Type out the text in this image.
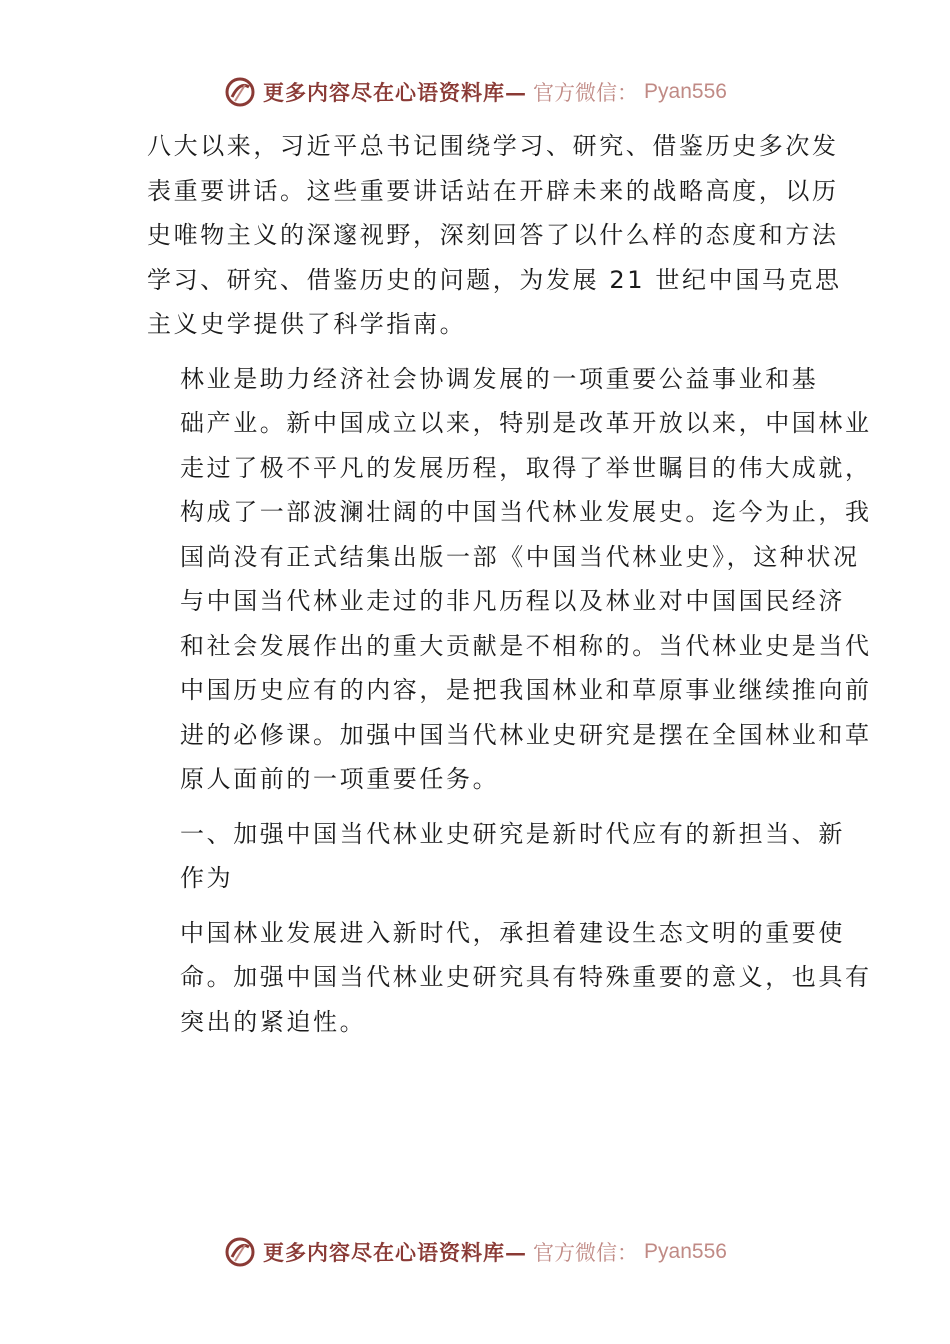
更多内容尽在心语资料库— 官方微信： Pyan556

八大以来，习近平总书记围绕学习、研究、借鉴历史多次发
表重要讲话。这些重要讲话站在开辟未来的战略高度，以历
史唯物主义的深邃视野，深刻回答了以什么样的态度和方法
学习、研究、借鉴历史的问题，为发展 21 世纪中国马克思
主义史学提供了科学指南。

林业是助力经济社会协调发展的一项重要公益事业和基

础产业。新中国成立以来，特别是改革开放以来，中国林业
走过了极不平凡的发展历程，取得了举世瞩目的伟大成就，
构成了一部波澜壮阔的中国当代林业发展史。迄今为止，我
国尚没有正式结集出版一部《中国当代林业史》，这种状况
与中国当代林业走过的非凡历程以及林业对中国国民经济
和社会发展作出的重大贡献是不相称的。当代林业史是当代
中国历史应有的内容，是把我国林业和草原事业继续推向前
进的必修课。加强中国当代林业史研究是摆在全国林业和草
原人面前的一项重要任务。

一、加强中国当代林业史研究是新时代应有的新担当、新

作为

中国林业发展进入新时代，承担着建设生态文明的重要使

命。加强中国当代林业史研究具有特殊重要的意义，也具有
突出的紧迫性。

更多内容尽在心语资料库— 官方微信： Pyan556
